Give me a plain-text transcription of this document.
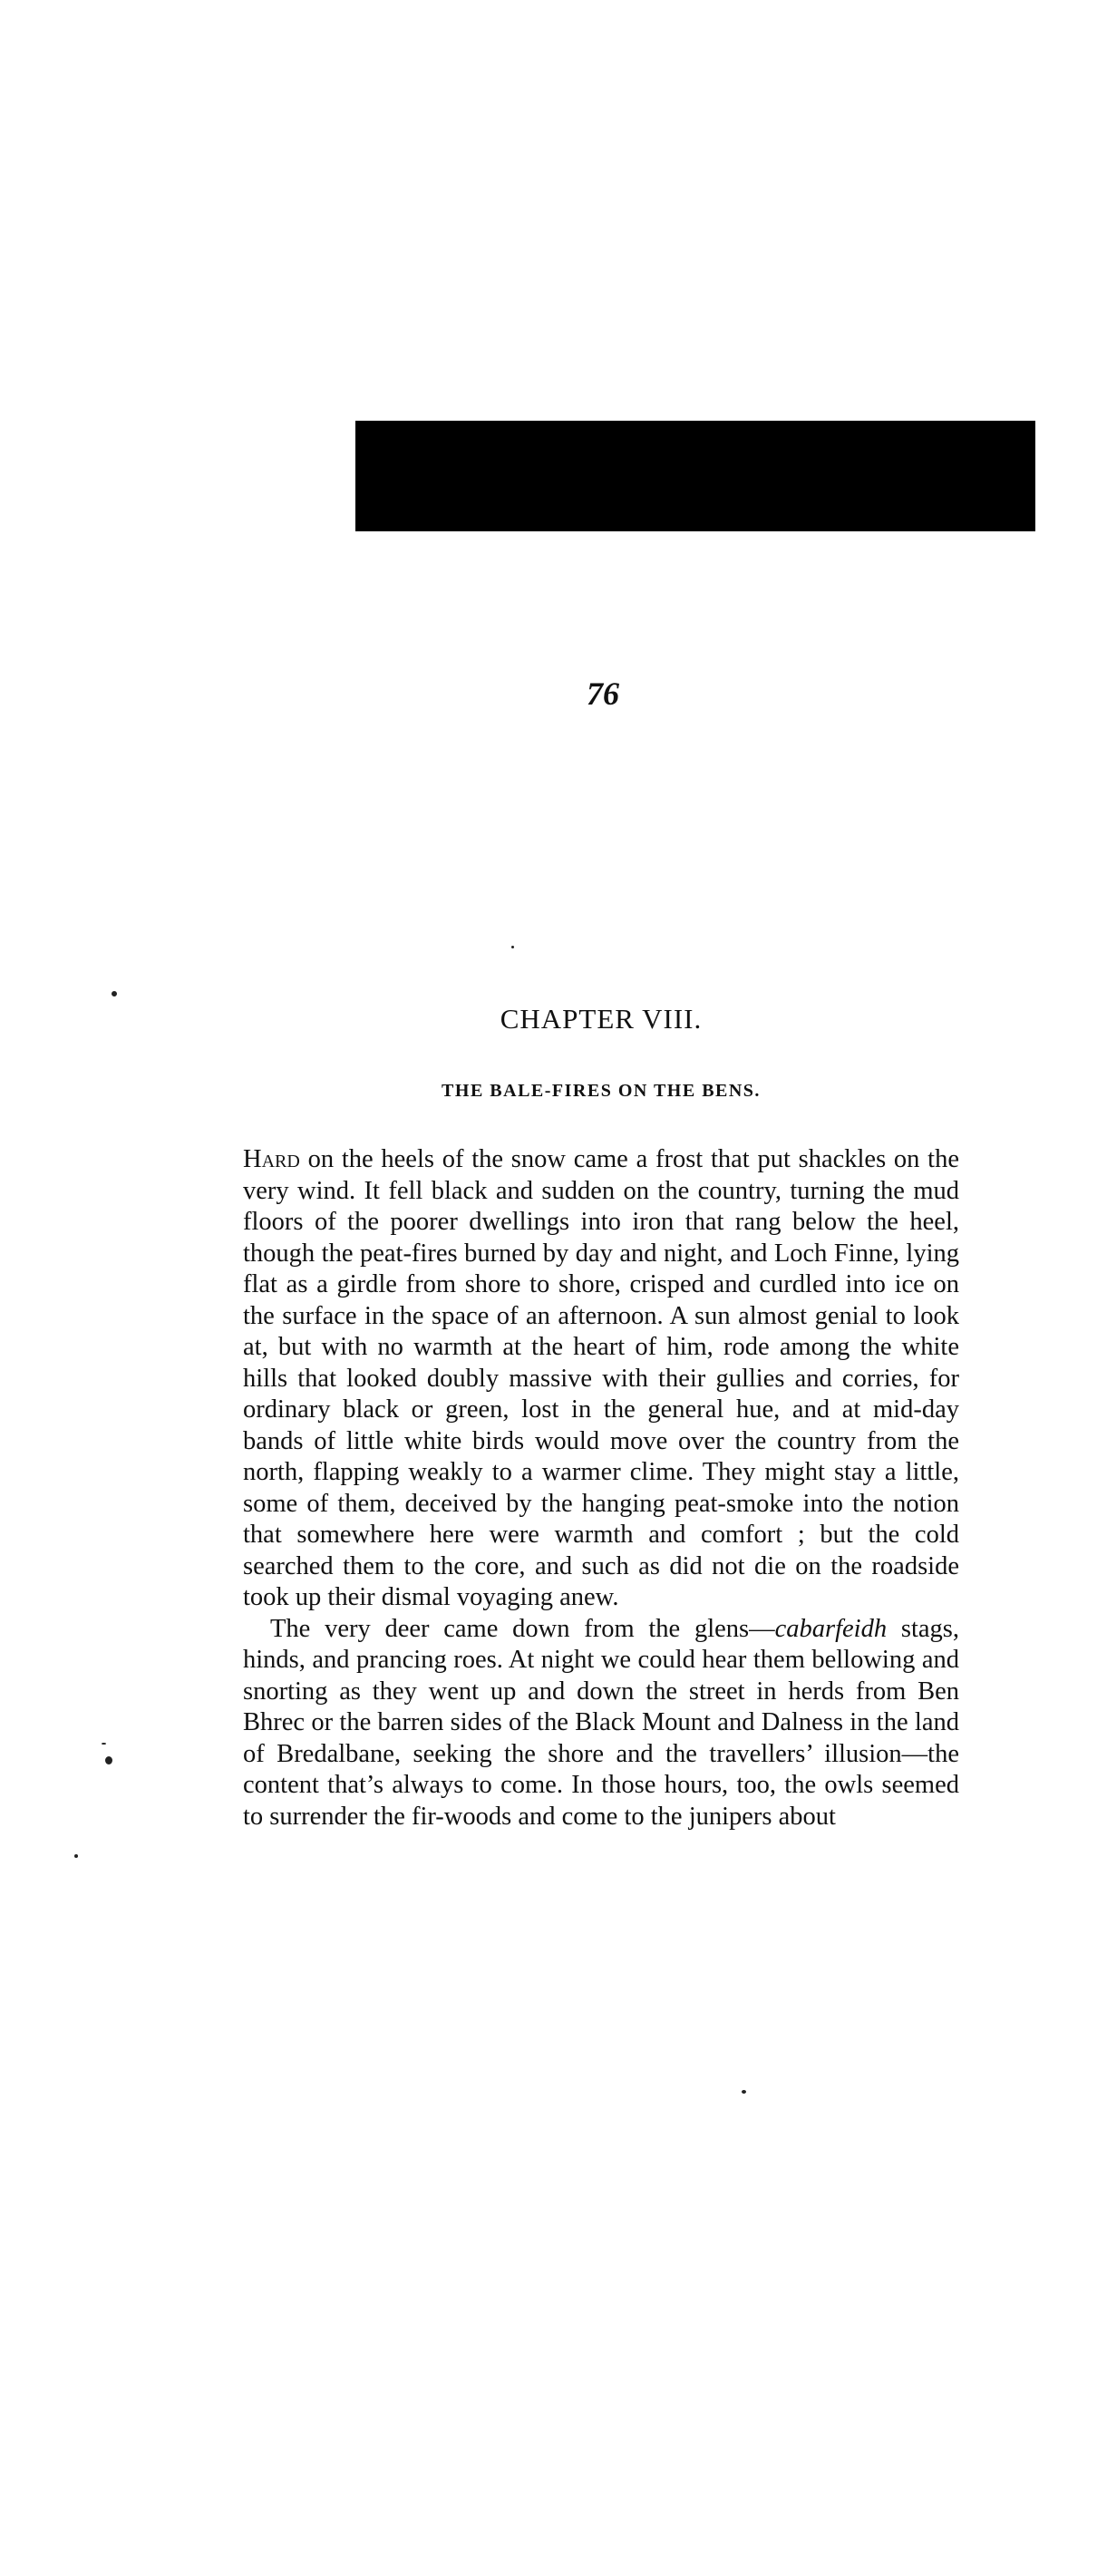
76
CHAPTER VIII.
THE BALE-FIRES ON THE BENS.

Hard on the heels of the snow came a frost that put shackles on the very wind. It fell black and sudden on the country, turning the mud floors of the poorer dwellings into iron that rang below the heel, though the peat-fires burned by day and night, and Loch Finne, lying flat as a girdle from shore to shore, crisped and curdled into ice on the surface in the space of an afternoon. A sun almost genial to look at, but with no warmth at the heart of him, rode among the white hills that looked doubly massive with their gullies and corries, for ordinary black or green, lost in the general hue, and at mid-day bands of little white birds would move over the country from the north, flapping weakly to a warmer clime. They might stay a little, some of them, deceived by the hanging peat-smoke into the notion that somewhere here were warmth and comfort ; but the cold searched them to the core, and such as did not die on the roadside took up their dismal voyaging anew.

The very deer came down from the glens—cabarfeidh stags, hinds, and prancing roes. At night we could hear them bellowing and snorting as they went up and down the street in herds from Ben Bhrec or the barren sides of the Black Mount and Dalness in the land of Bredalbane, seeking the shore and the travellers’ illusion—the content that’s always to come. In those hours, too, the owls seemed to surrender the fir-woods and come to the junipers about
